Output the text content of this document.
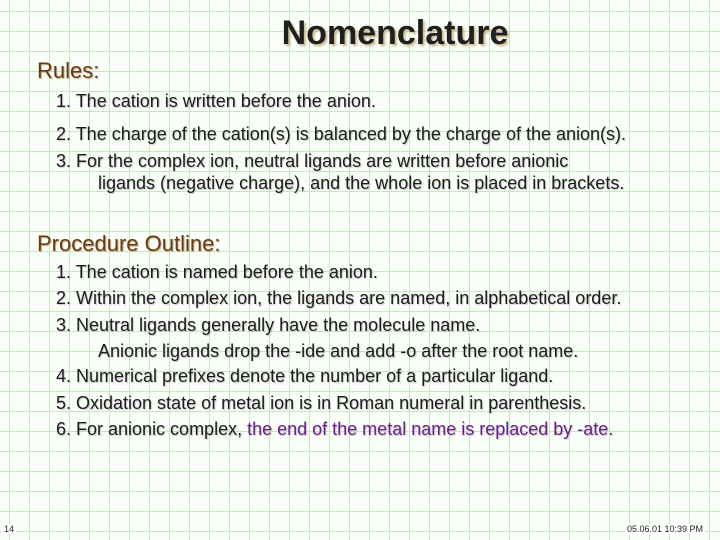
Nomenclature
Rules:
1. The cation is written before the anion.
2. The charge of the cation(s) is balanced by the charge of the anion(s).
3. For the complex ion, neutral ligands are written before anionic
ligands (negative charge), and the whole ion is placed in brackets.
Procedure Outline:
1. The cation is named before the anion.
2. Within the complex ion, the ligands are named, in alphabetical order.
3. Neutral ligands generally have the molecule name.
Anionic ligands drop the -ide and add -o after the root name.
4. Numerical prefixes denote the number of a particular ligand.
5. Oxidation state of metal ion is in Roman numeral in parenthesis.
6. For anionic complex, the end of the metal name is replaced by -ate.
14	05.06.01 10:39 PM
